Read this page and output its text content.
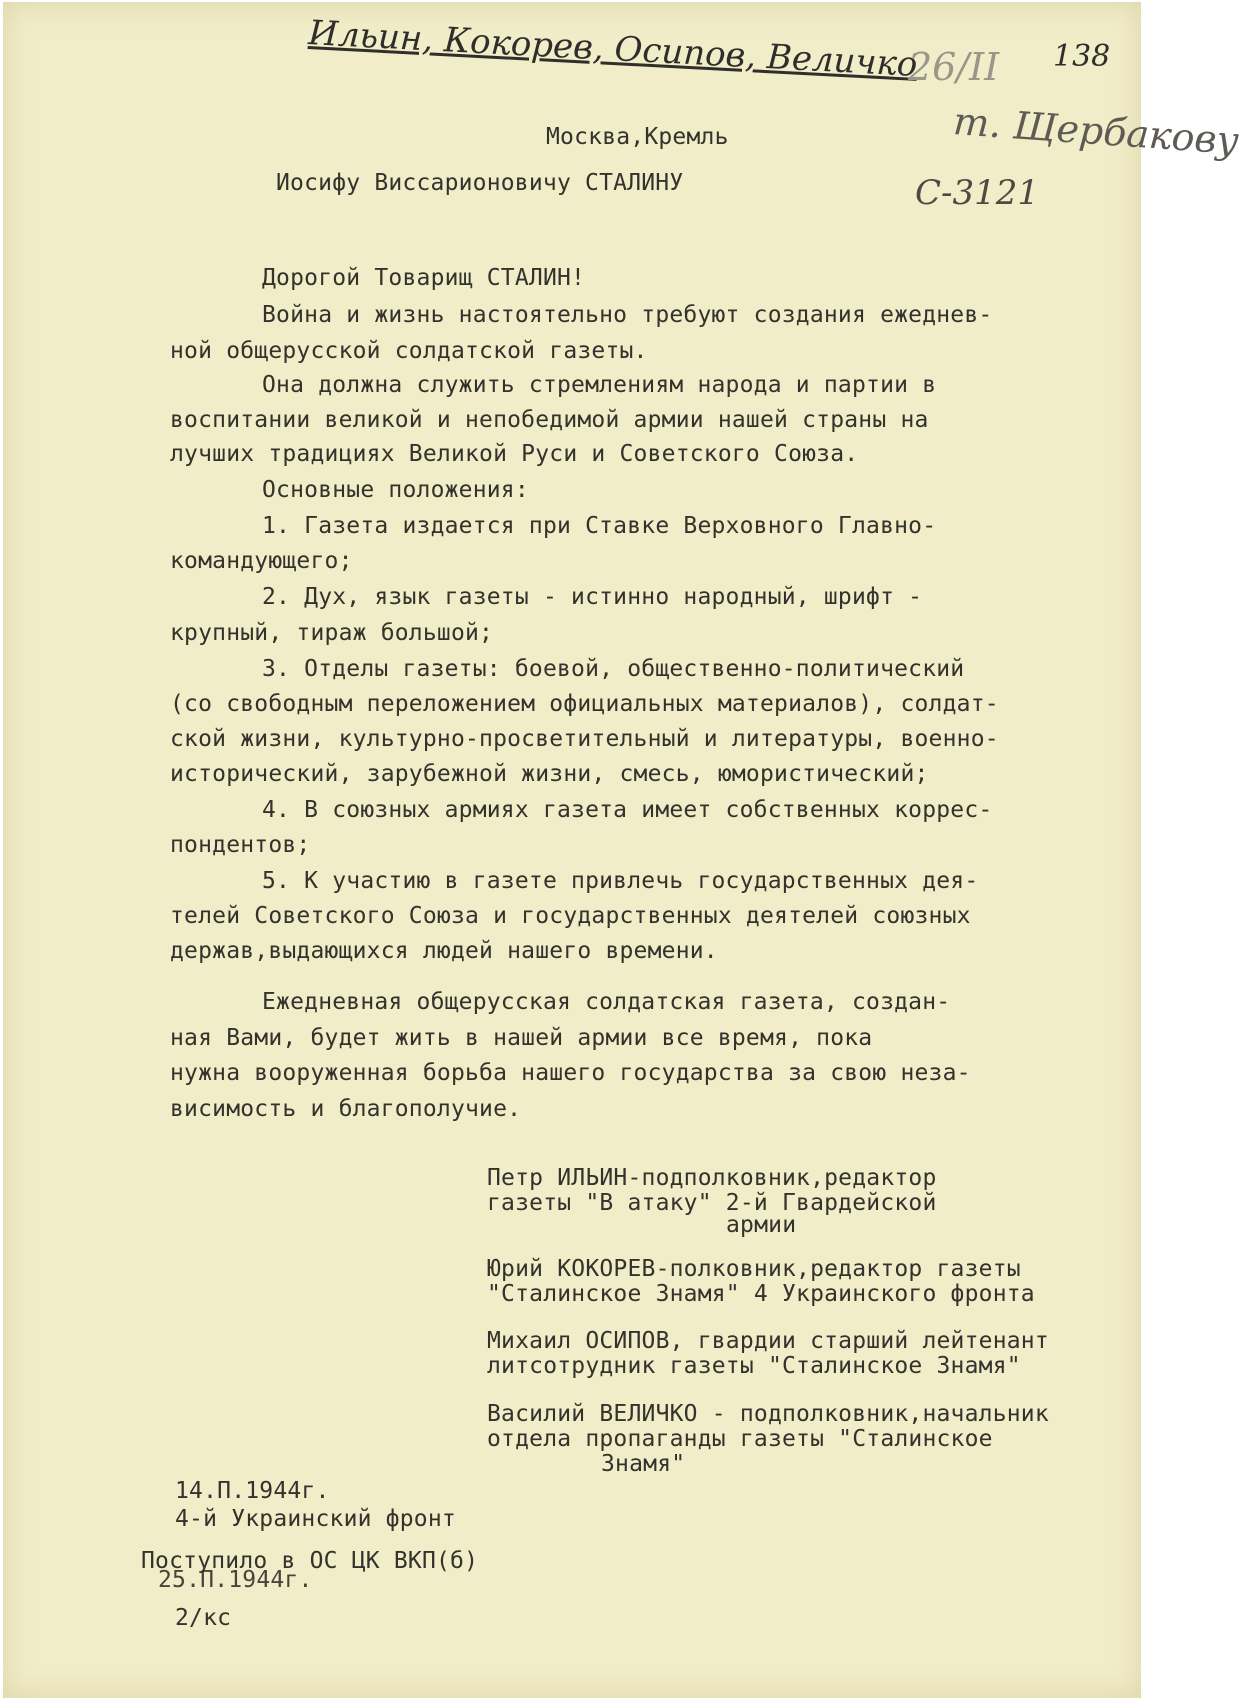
Ильин, Кокорев, Осипов, Величко
26/II 138
т. Щербакову
С-3121
Москва,Кремль
Иосифу Виссарионовичу СТАЛИНУ
Дорогой Товарищ СТАЛИН!
Война и жизнь настоятельно требуют создания ежеднев-
ной общерусской солдатской газеты.
Она должна служить стремлениям народа и партии в
воспитании великой и непобедимой армии нашей страны на
лучших традициях Великой Руси и Советского Союза.
Основные положения:
1. Газета издается при Ставке Верховного Главно-
командующего;
2. Дух, язык газеты - истинно народный, шрифт -
крупный, тираж большой;
3. Отделы газеты: боевой, общественно-политический
(со свободным переложением официальных материалов), солдат-
ской жизни, культурно-просветительный и литературы, военно-
исторический, зарубежной жизни, смесь, юмористический;
4. В союзных армиях газета имеет собственных коррес-
пондентов;
5. К участию в газете привлечь государственных дея-
телей Советского Союза и государственных деятелей союзных
держав,выдающихся людей нашего времени.
Ежедневная общерусская солдатская газета, создан-
ная Вами, будет жить в нашей армии все время, пока
нужна вооруженная борьба нашего государства за свою неза-
висимость и благополучие.
Петр ИЛЬИН-подполковник,редактор
газеты "В атаку" 2-й Гвардейской
армии
Юрий КОКОРЕВ-полковник,редактор газеты
"Сталинское Знамя" 4 Украинского фронта
Михаил ОСИПОВ, гвардии старший лейтенант
литсотрудник газеты "Сталинское Знамя"
Василий ВЕЛИЧКО - подполковник,начальник
отдела пропаганды газеты "Сталинское
Знамя"
14.П.1944г.
4-й Украинский фронт
Поступило в ОС ЦК ВКП(б)
25.П.1944г.
2/кс
